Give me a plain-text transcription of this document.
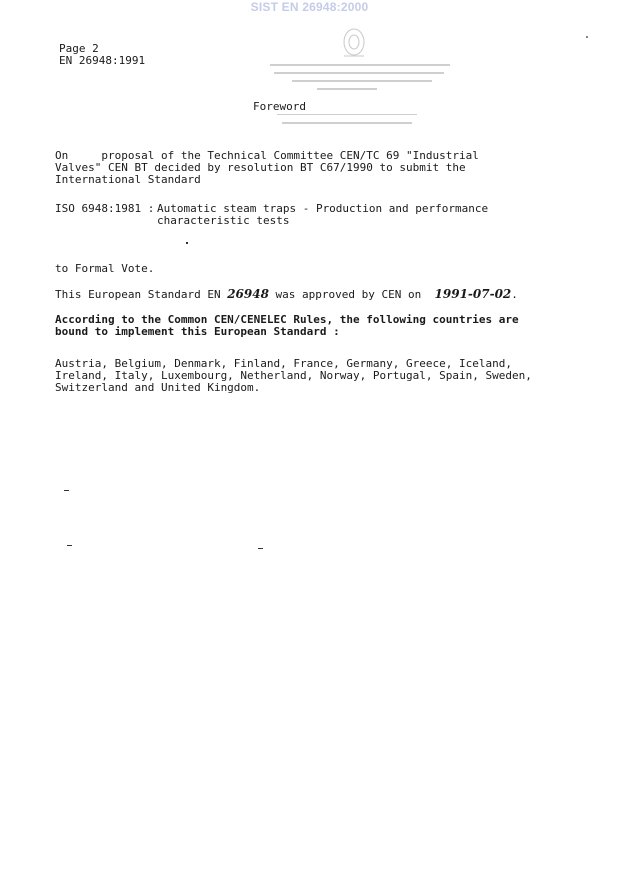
SIST EN 26948:2000
Page 2
EN 26948:1991
Foreword
On     proposal of the Technical Committee CEN/TC 69 "Industrial
Valves" CEN BT decided by resolution BT C67/1990 to submit the
International Standard
ISO 6948:1981 : Automatic steam traps - Production and performance
characteristic tests
to Formal Vote.
This European Standard EN 26948 was approved by CEN on  1991-07-02.
According to the Common CEN/CENELEC Rules, the following countries are
bound to implement this European Standard :
Austria, Belgium, Denmark, Finland, France, Germany, Greece, Iceland,
Ireland, Italy, Luxembourg, Netherland, Norway, Portugal, Spain, Sweden,
Switzerland and United Kingdom.
